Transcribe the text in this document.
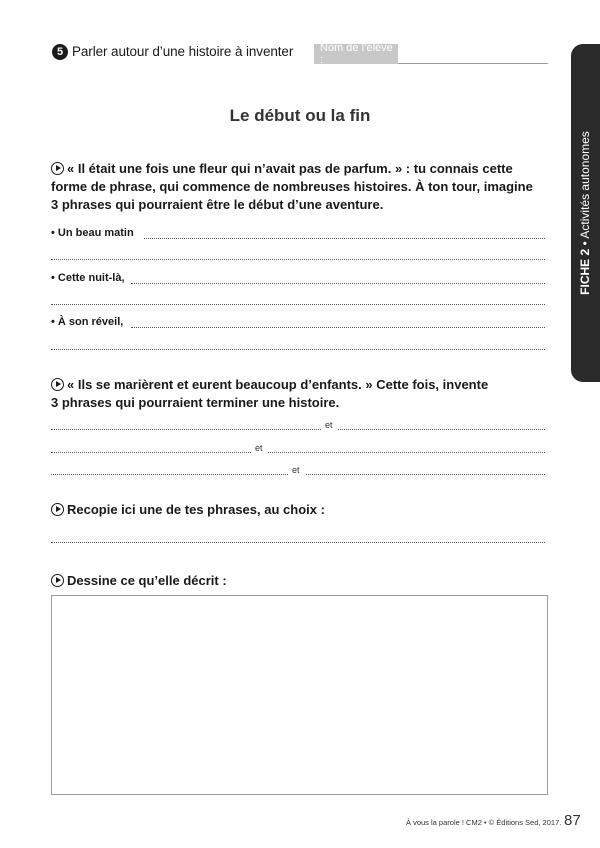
5 Parler autour d’une histoire à inventer	Nom de l’élève :
FICHE 2 • Activités autonomes
Le début ou la fin
« Il était une fois une fleur qui n’avait pas de parfum. » : tu connais cette
forme de phrase, qui commence de nombreuses histoires. À ton tour, imagine
3 phrases qui pourraient être le début d’une aventure.
• Un beau matin
• Cette nuit-là,
• À son réveil,
« Ils se marièrent et eurent beaucoup d’enfants. » Cette fois, invente
3 phrases qui pourraient terminer une histoire.
et
et
et
Recopie ici une de tes phrases, au choix :
Dessine ce qu’elle décrit :
À vous la parole ! CM2 • © Éditions Sed, 2017. 87
